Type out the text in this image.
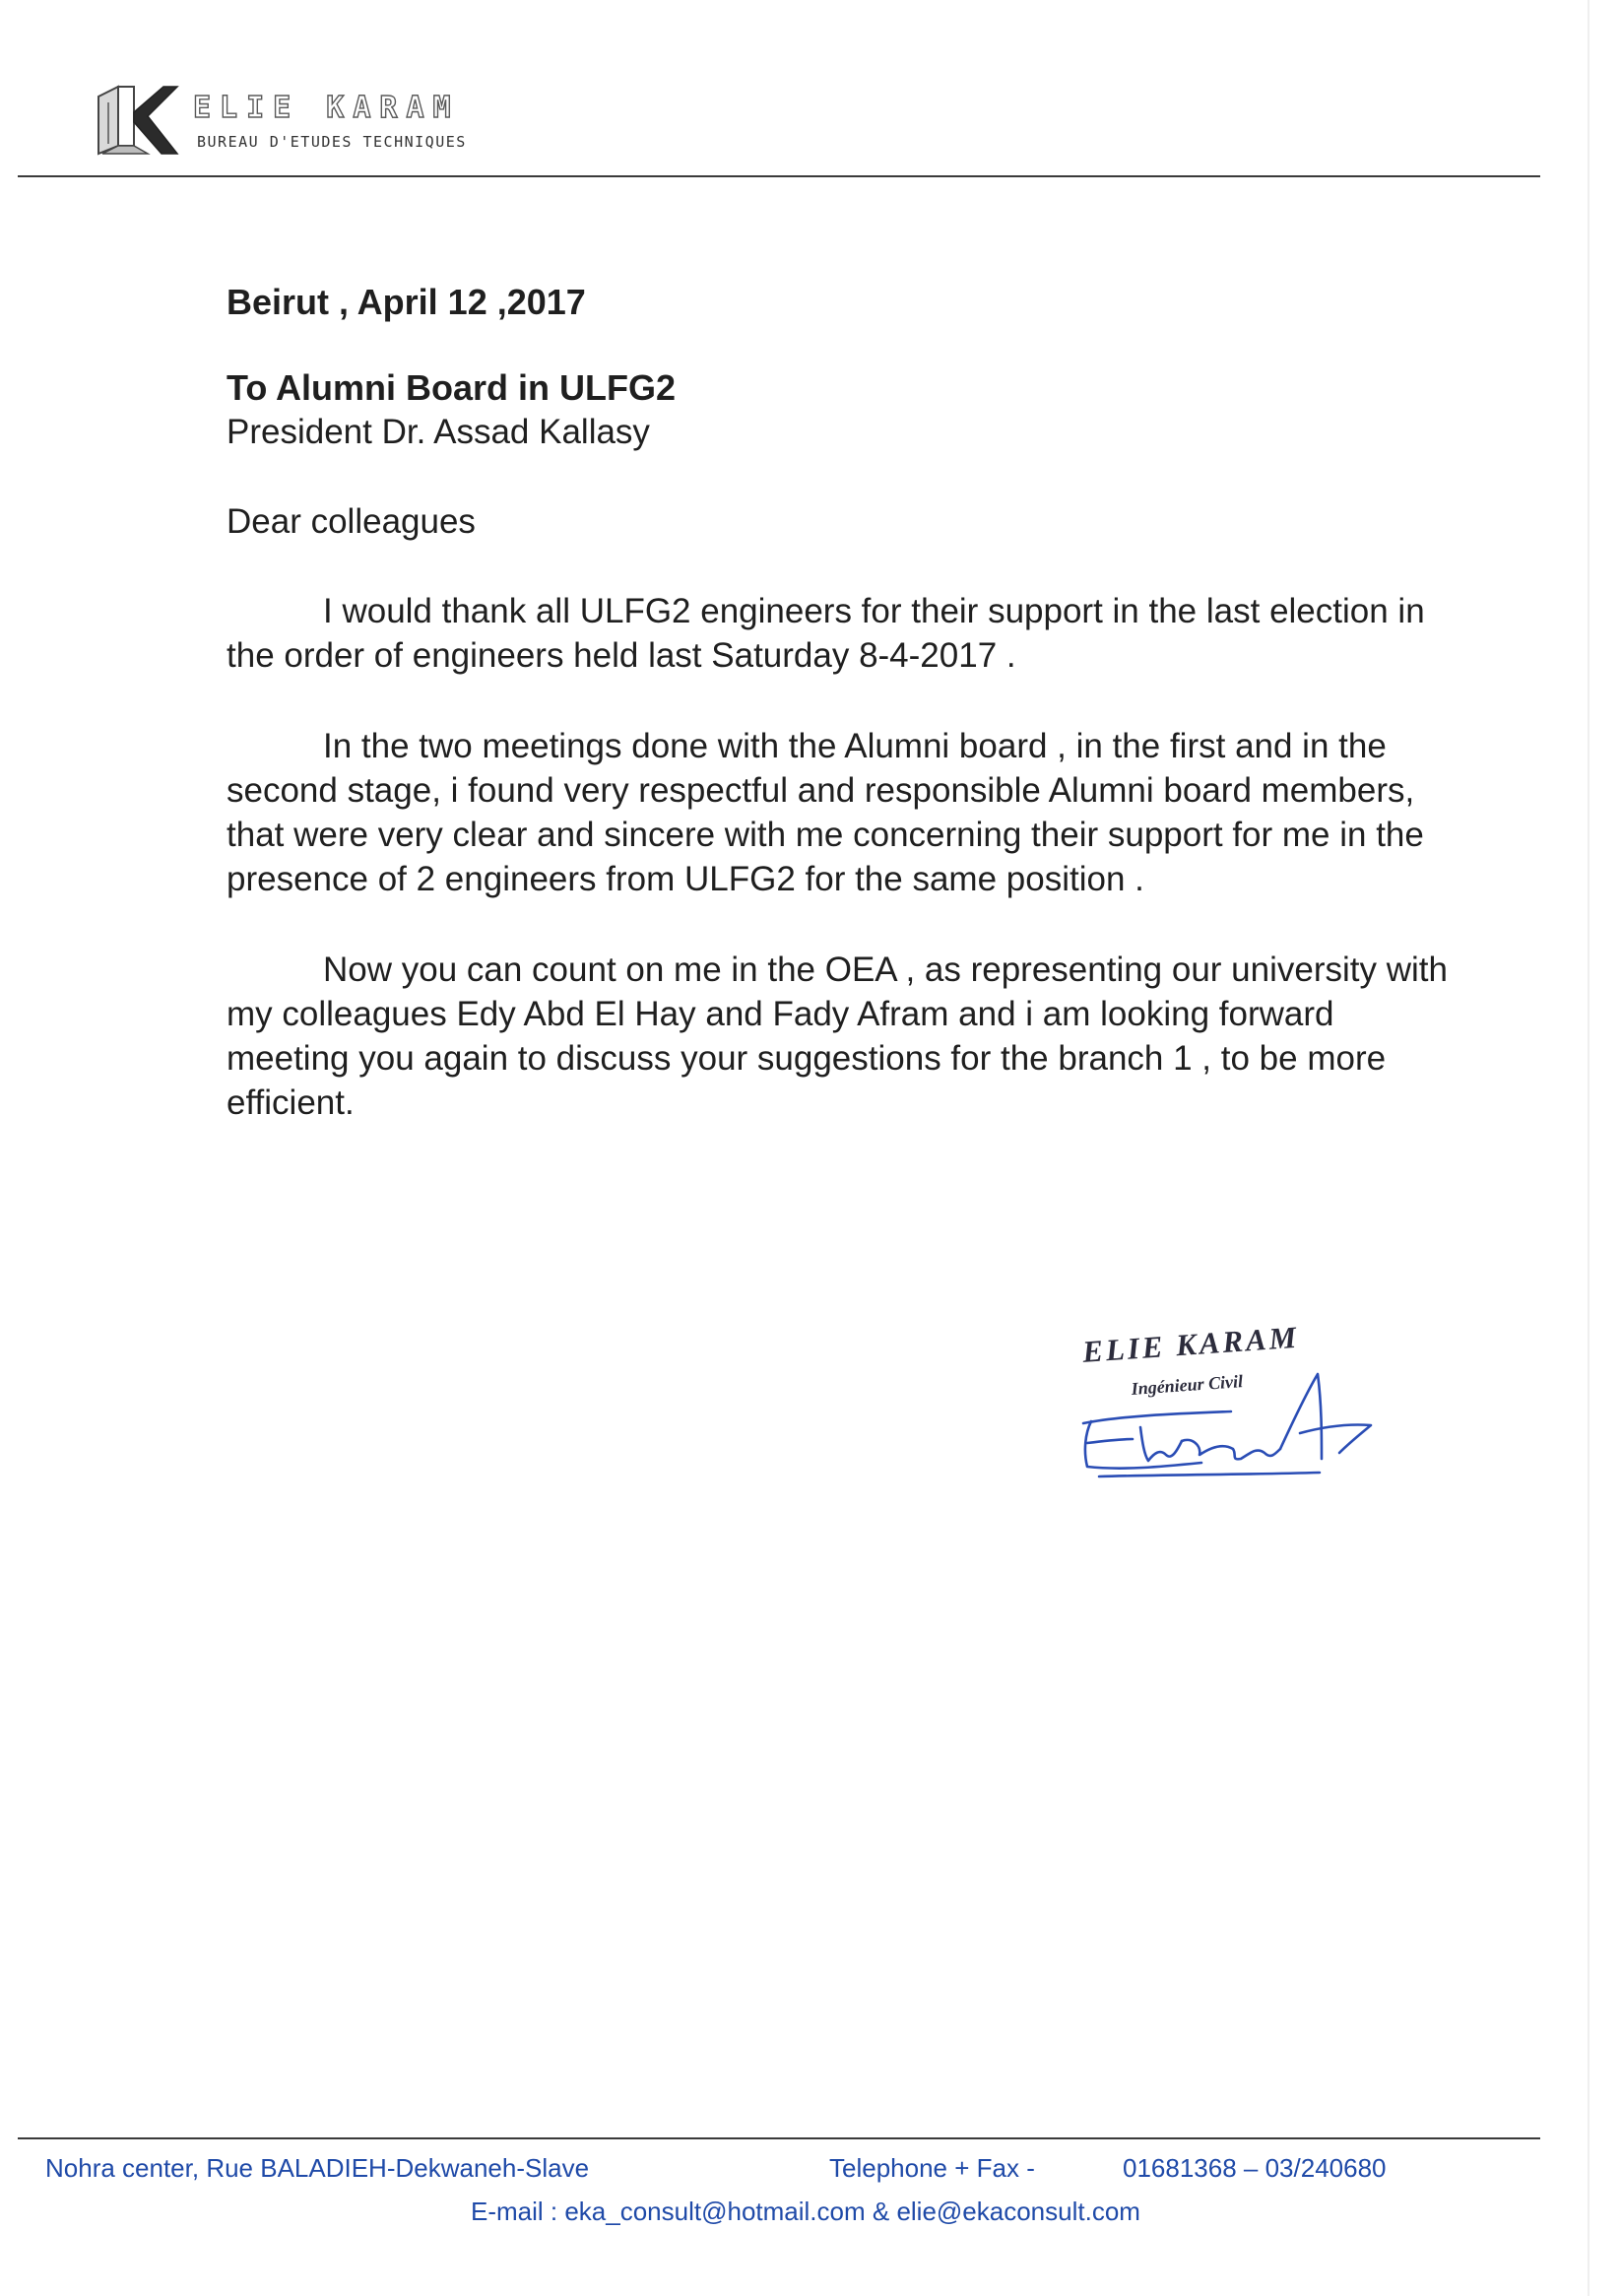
ELIE KARAM
BUREAU D'ETUDES TECHNIQUES

Beirut , April 12 ,2017

To Alumni Board in ULFG2

President Dr. Assad Kallasy

Dear colleagues

I would thank all ULFG2 engineers for their support in the last election in the order of engineers held last Saturday 8-4-2017 .

In the two meetings done with the Alumni board , in the first and in the second stage, i found very respectful and responsible Alumni board members, that were very clear and sincere with me concerning their support for me in the presence of 2 engineers from ULFG2 for the same position .

Now you can count on me in the OEA , as representing our university with my colleagues Edy Abd El Hay and Fady Afram and i am looking forward meeting you again to discuss your suggestions for the branch 1 , to be more efficient.

ELIE KARAM
Ingénieur Civil
Nohra center, Rue BALADIEH-Dekwaneh-Slave	Telephone + Fax -	01681368 – 03/240680
E-mail : eka_consult@hotmail.com & elie@ekaconsult.com
